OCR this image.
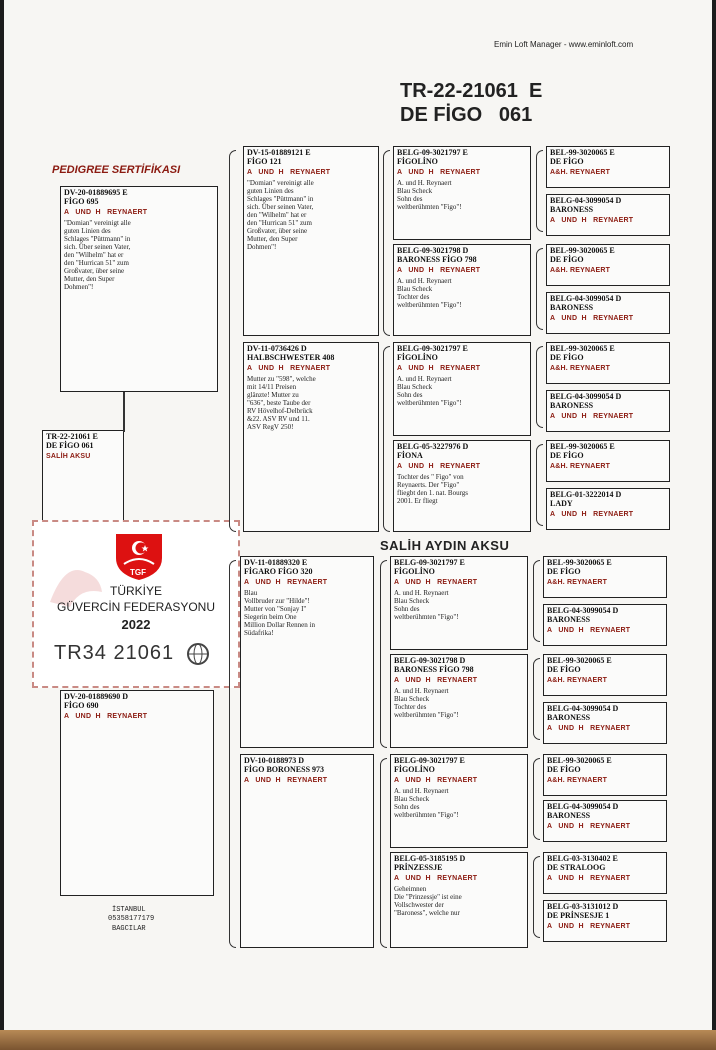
Emin Loft Manager - www.eminloft.com
TR-22-21061  E
DE FİGO   061
PEDIGREE SERTİFİKASI
SALİH AYDIN AKSU
DV-20-01889695 E
FİGO 695
A   UND  H   REYNAERT
"Domian" vereinigt alle
guten Linien des
Schlages "Püttmann" in
sich. Über seinen Vater,
den "Wilhelm" hat er
den "Hurrican 51" zum
Großvater, über seine
Mutter, den Super
Dohmen"!
DV-20-01889690 D
FİGO 690
A   UND  H   REYNAERT
TR-22-21061 E
DE FİGO 061
SALİH AKSU
TGF
TÜRKİYE
GÜVERCİN FEDERASYONU
2022
TR34 21061
İSTANBUL
05358177179
BAGCILAR
DV-15-01889121 E
FİGO 121
A   UND  H   REYNAERT
"Domian" vereinigt alle
guten Linien des
Schlages "Püttmann" in
sich. Über seinen Vater,
den "Wilhelm" hat er
den "Hurrican 51" zum
Großvater, über seine
Mutter, den Super
Dohmen"!
DV-11-0736426 D
HALBSCHWESTER 408
A   UND  H   REYNAERT
Mutter zu "598", welche
mit 14/11 Preisen
glänzte! Mutter zu
"636", beste Taube der
RV Hövelhof-Delbrück
&22. ASV RV und 11.
ASV RegV 250!
DV-11-01889320 E
FİGARO FİGO 320
A   UND  H   REYNAERT
Blau
Vollbruder zur "Hilde"!
Mutter von "Sonjay I"
Siegerin beim One
Million Dollar Rennen in
Südafrika!
DV-10-0188973 D
FİGO BORONESS 973
A   UND  H   REYNAERT
BELG-09-3021797 E
FİGOLİNO
A   UND  H   REYNAERT
A. und H. Reynaert
Blau Scheck
Sohn des
weltberühmten "Figo"!
BELG-09-3021798 D
BARONESS FİGO 798
A   UND  H   REYNAERT
A. und H. Reynaert
Blau Scheck
Tochter des
weltberühmten "Figo"!
BELG-09-3021797 E
FİGOLİNO
A   UND  H   REYNAERT
A. und H. Reynaert
Blau Scheck
Sohn des
weltberühmten "Figo"!
BELG-05-3227976 D
FİONA
A   UND  H   REYNAERT
Tochter des " Figo" von
Reynaerts. Der "Figo"
fliegbt den 1. nat. Bourgs
2001. Er fliegt
BELG-09-3021797 E
FİGOLİNO
A   UND  H   REYNAERT
A. und H. Reynaert
Blau Scheck
Sohn des
weltberühmten "Figo"!
BELG-09-3021798 D
BARONESS FİGO 798
A   UND  H   REYNAERT
A. und H. Reynaert
Blau Scheck
Tochter des
weltberühmten "Figo"!
BELG-09-3021797 E
FİGOLİNO
A   UND  H   REYNAERT
A. und H. Reynaert
Blau Scheck
Sohn des
weltberühmten "Figo"!
BELG-05-3185195 D
PRİNZESSJE
A   UND  H   REYNAERT
Geheimnen
Die "Prinzessje" ist eine
Vollschwester der
"Baroness", welche nur
BEL-99-3020065 E
DE FİGO
A&H. REYNAERT
BELG-04-3099054 D
BARONESS
A   UND  H   REYNAERT
BEL-99-3020065 E
DE FİGO
A&H. REYNAERT
BELG-04-3099054 D
BARONESS
A   UND  H   REYNAERT
BEL-99-3020065 E
DE FİGO
A&H. REYNAERT
BELG-04-3099054 D
BARONESS
A   UND  H   REYNAERT
BEL-99-3020065 E
DE FİGO
A&H. REYNAERT
BELG-01-3222014 D
LADY
A   UND  H   REYNAERT
BEL-99-3020065 E
DE FİGO
A&H. REYNAERT
BELG-04-3099054 D
BARONESS
A   UND  H   REYNAERT
BEL-99-3020065 E
DE FİGO
A&H. REYNAERT
BELG-04-3099054 D
BARONESS
A   UND  H   REYNAERT
BEL-99-3020065 E
DE FİGO
A&H. REYNAERT
BELG-04-3099054 D
BARONESS
A   UND  H   REYNAERT
BELG-03-3130402 E
DE STRALOOG
A   UND  H   REYNAERT
BELG-03-3131012 D
DE PRİNSESJE 1
A   UND  H   REYNAERT
